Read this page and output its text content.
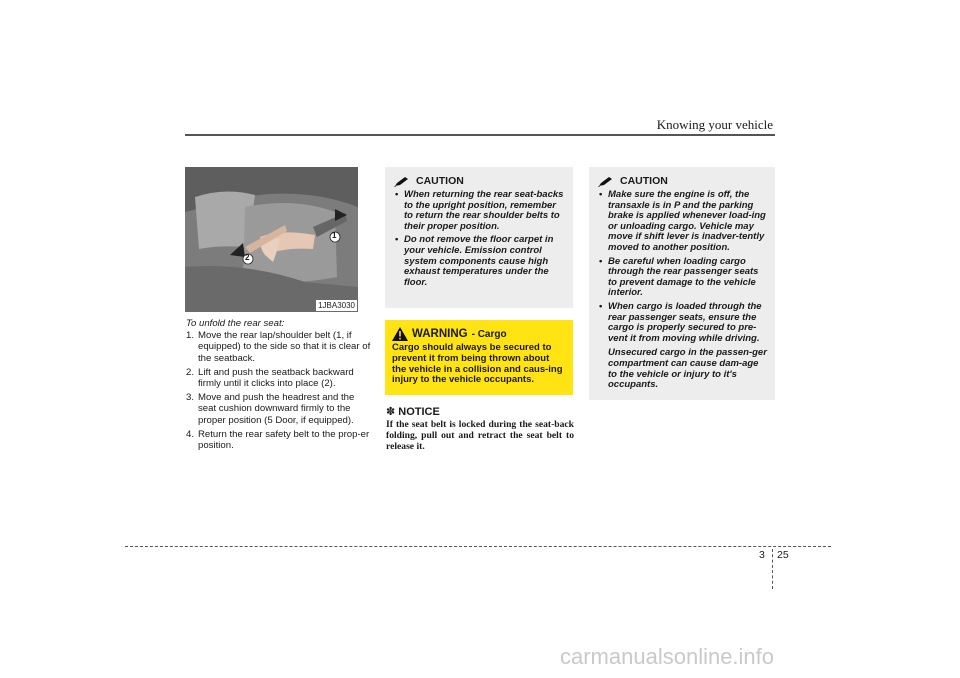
Knowing your vehicle
1
2
1JBA3030
To unfold the rear seat:
1. Move the rear lap/shoulder belt (1, if equipped) to the side so that it is clear of the seatback.
2. Lift and push the seatback backward firmly until it clicks into place (2).
3. Move and push the headrest and the seat cushion downward firmly to the proper position (5 Door, if equipped).
4. Return the rear safety belt to the prop-er position.
CAUTION
• When returning the rear seat-backs to the upright position, remember to return the rear shoulder belts to their proper position.
• Do not remove the floor carpet in your vehicle. Emission control system components cause high exhaust temperatures under the floor.
WARNING - Cargo
Cargo should always be secured to prevent it from being thrown about the vehicle in a collision and caus-ing injury to the vehicle occupants.
✽ NOTICE
If the seat belt is locked during the seat-back folding, pull out and retract the seat belt to release it.
CAUTION
• Make sure the engine is off, the transaxle is in P and the parking brake is applied whenever load-ing or unloading cargo. Vehicle may move if shift lever is inadver-tently moved to another position.
• Be careful when loading cargo through the rear passenger seats to prevent damage to the vehicle interior.
• When cargo is loaded through the rear passenger seats, ensure the cargo is properly secured to pre-vent it from moving while driving.
Unsecured cargo in the passen-ger compartment can cause dam-age to the vehicle or injury to it's occupants.
3 25
carmanualsonline.info
